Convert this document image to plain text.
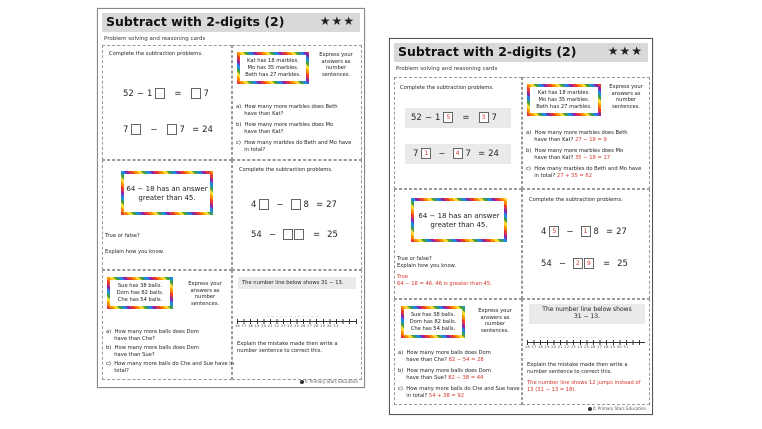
Subtract with 2-digits (2)	★★★
Problem solving and reasoning cards
Complete the subtraction problems.
52 − 1	=	7
7	−	7 = 24
Kat has 18 marbles.
Mo has 35 marbles.
Beth has 27 marbles.
Express your
answers as
number
sentences.
a) How many more marbles does Beth
have than Kat?
b) How many more marbles does Mo
have than Kat?
c) How many marbles do Beth and Mo have
in total?
64 − 18 has an answer
greater than 45.
True or false?
Explain how you know.
Complete the subtraction problems.
4 − 8 = 27
54 −	= 25
Sue has 38 balls.
Dom has 82 balls.
Che has 54 balls.
Express your
answers as
number
sentences.
a) How many more balls does Dom
have than Che?
b) How many more balls does Dom
have than Sue?
c) How many more balls do Che and Sue have in
total?
The number line below shows 31 − 13.
‿‿‿‿‿‿‿‿‿‿‿‿
16 17 18 19 20 21 22 23 24 25 26 27 28 29 30 31
Explain the mistake made then write a
number sentence to correct this.
© Primary Stars Education
Subtract with 2-digits (2)	★★★
Problem solving and reasoning cards
Complete the subtraction problems.
52 − 1	5	=	3 7
7	1	−	4 7 = 24
Kat has 18 marbles.
Mo has 35 marbles.
Beth has 27 marbles.
Express your
answers as
number
sentences.
a) How many more marbles does Beth
have than Kat? 27 − 18 = 9
b) How many more marbles does Mo
have than Kat? 35 − 18 = 17
c) How many marbles do Beth and Mo have
in total? 27 + 35 = 62
64 − 18 has an answer
greater than 45.
True or false?
Explain how you know.
True
64 − 18 = 46. 46 is greater than 45.
Complete the subtraction problems.
4	5	−	1 8 = 27
54 −	2	9	= 25
Sue has 38 balls.
Dom has 82 balls.
Che has 54 balls.
Express your
answers as
number
sentences.
a) How many more balls does Dom
have than Che? 82 − 54 = 28
b) How many more balls does Dom
have than Sue? 82 − 38 = 44
c) How many more balls do Che and Sue have
in total? 54 + 38 = 92
The number line below shows
31 − 13.
‿‿‿‿‿‿‿‿‿‿‿‿‿
16 17 18 19 20 21 22 23 24 25 26 27 28 29 30 31
Explain the mistake made then write a
number sentence to correct this.
The number line shows 12 jumps instead of
13 (31 − 13 = 18).
© Primary Stars Education
